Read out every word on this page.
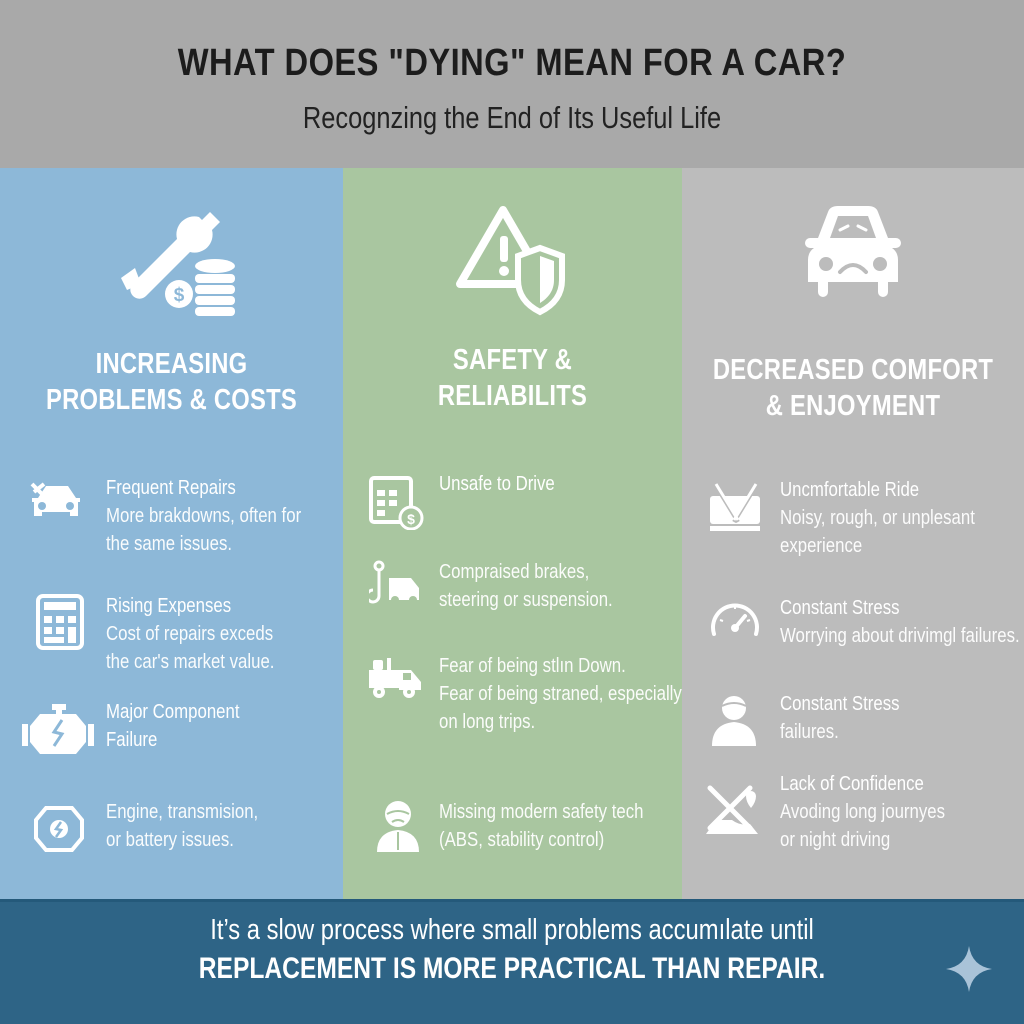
WHAT DOES "DYING" MEAN FOR A CAR?
Recognzing the End of Its Useful Life
$
INCREASING
PROBLEMS & COSTS
Frequent Repairs
More brakdowns, often for
the same issues.
Rising Expenses
Cost of repairs exceds
the car's market value.
Major Component
Failure
Engine, transmision,
or battery issues.
SAFETY &
RELIABILITS
$
Unsafe to Drive
Compraised brakes,
steering or suspension.
Fear of being stlın Down.
Fear of being straned, especially
on long trips.
Missing modern safety tech
(ABS, stability control)
DECREASED COMFORT
& ENJOYMENT
Uncmfortable Ride
Noisy, rough, or unplesant
experience
Constant Stress
Worrying about drivimgl failures.
Constant Stress
failures.
Lack of Confidence
Avoding long journyes
or night driving
It’s a slow process where small problems accumılate until
REPLACEMENT IS MORE PRACTICAL THAN REPAIR.
